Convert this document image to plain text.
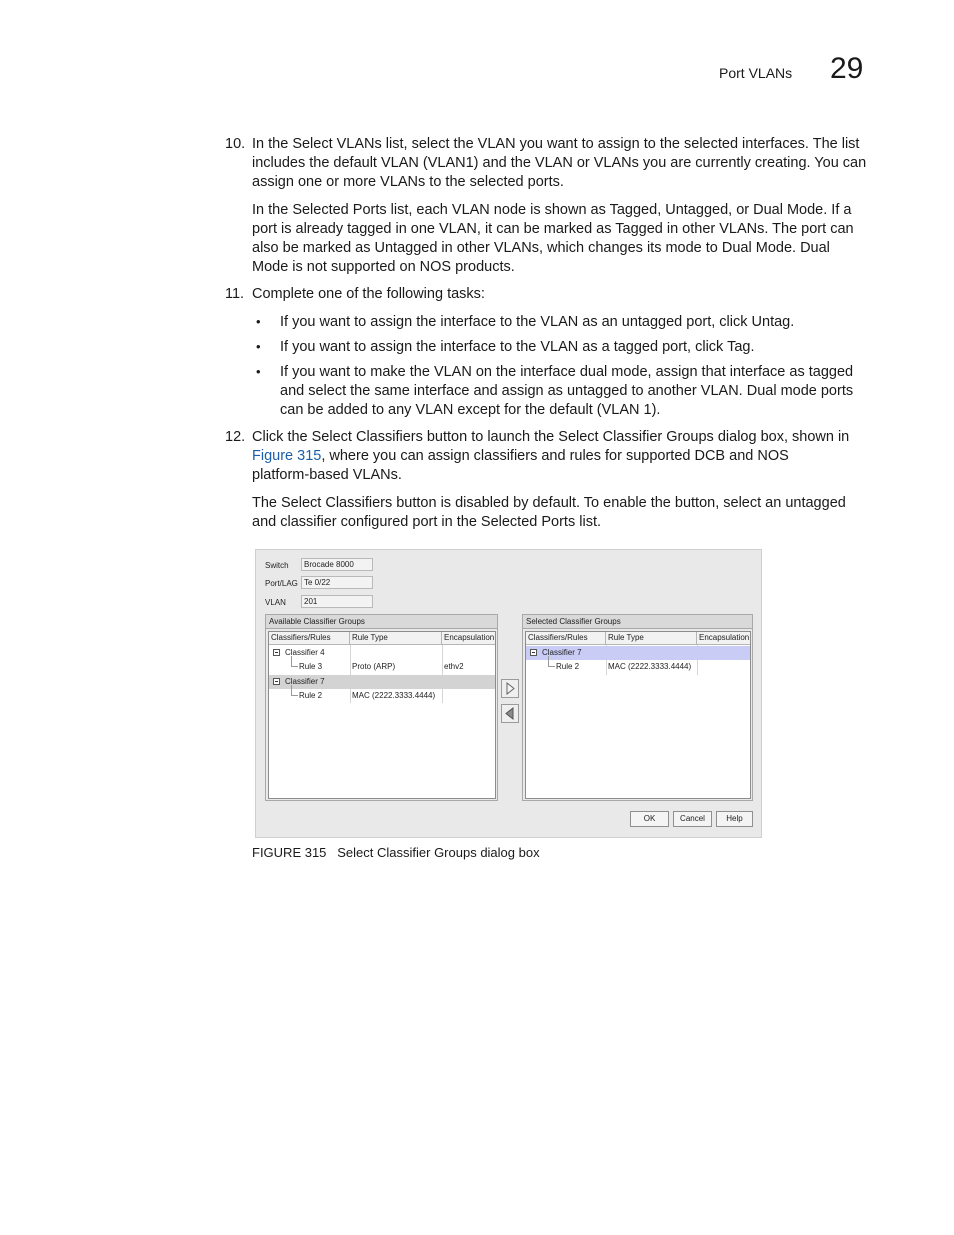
Port VLANs 29
10. In the Select VLANs list, select the VLAN you want to assign to the selected interfaces. The list
includes the default VLAN (VLAN1) and the VLAN or VLANs you are currently creating. You can
assign one or more VLANs to the selected ports.
In the Selected Ports list, each VLAN node is shown as Tagged, Untagged, or Dual Mode. If a
port is already tagged in one VLAN, it can be marked as Tagged in other VLANs. The port can
also be marked as Untagged in other VLANs, which changes its mode to Dual Mode. Dual
Mode is not supported on NOS products.
11. Complete one of the following tasks:
• If you want to assign the interface to the VLAN as an untagged port, click Untag.
• If you want to assign the interface to the VLAN as a tagged port, click Tag.
• If you want to make the VLAN on the interface dual mode, assign that interface as tagged
and select the same interface and assign as untagged to another VLAN. Dual mode ports
can be added to any VLAN except for the default (VLAN 1).
12. Click the Select Classifiers button to launch the Select Classifier Groups dialog box, shown in
Figure 315, where you can assign classifiers and rules for supported DCB and NOS
platform-based VLANs.
The Select Classifiers button is disabled by default. To enable the button, select an untagged
and classifier configured port in the Selected Ports list.
Switch	Brocade 8000
Port/LAG Te 0/22
VLAN	201
Available Classifier Groups
Classifiers/Rules	Rule Type	Encapsulation
Classifier 4
Rule 3	Proto (ARP)	ethv2
Classifier 7
Rule 2	MAC (2222.3333.4444)
Selected Classifier Groups
Classifiers/Rules	Rule Type	Encapsulation
Classifier 7
Rule 2	MAC (2222.3333.4444)
OK	Cancel	Help
FIGURE 315 Select Classifier Groups dialog box
